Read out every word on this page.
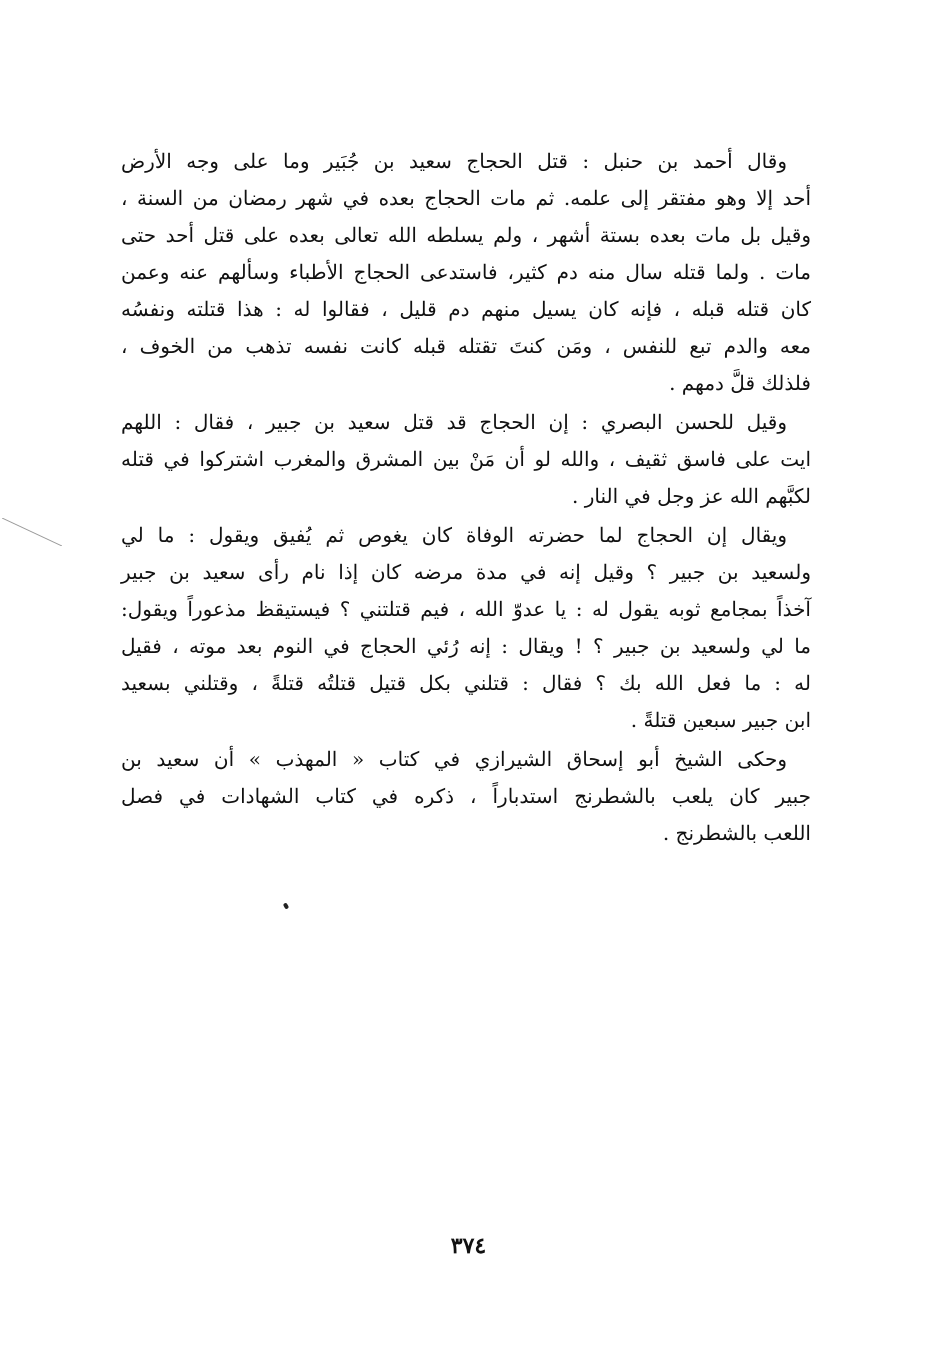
وقال أحمد بن حنبل : قتل الحجاج سعيد بن جُبَير وما على وجه الأرض
أحد إلا وهو مفتقر إلى علمه. ثم مات الحجاج بعده في شهر رمضان من السنة ،
وقيل بل مات بعده بستة أشهر ، ولم يسلطه الله تعالى بعده على قتل أحد حتى
مات . ولما قتله سال منه دم كثير، فاستدعى الحجاج الأطباء وسألهم عنه وعمن
كان قتله قبله ، فإنه كان يسيل منهم دم قليل ، فقالوا له : هذا قتلته ونفسُه
معه والدم تبع للنفس ، ومَن كنتَ تقتله قبله كانت نفسه تذهب من الخوف ،
فلذلك قلَّ دمهم .

وقيل للحسن البصري : إن الحجاج قد قتل سعيد بن جبير ، فقال : اللهم
ايت على فاسق ثقيف ، والله لو أن مَنْ بين المشرق والمغرب اشتركوا في قتله
لكبَّهم الله عز وجل في النار .

ويقال إن الحجاج لما حضرته الوفاة كان يغوص ثم يُفيق ويقول : ما لي
ولسعيد بن جبير ؟ وقيل إنه في مدة مرضه كان إذا نام رأى سعيد بن جبير
آخذاً بمجامع ثوبه يقول له : يا عدوّ الله ، فيم قتلتني ؟ فيستيقظ مذعوراً ويقول:
ما لي ولسعيد بن جبير ؟ ! ويقال : إنه رُئي الحجاج في النوم بعد موته ، فقيل
له : ما فعل الله بك ؟ فقال : قتلني بكل قتيل قتلتُه قتلةً ، وقتلني بسعيد
ابن جبير سبعين قتلةً .

وحكى الشيخ أبو إسحاق الشيرازي في كتاب « المهذب » أن سعيد بن
جبير كان يلعب بالشطرنج استدباراً ، ذكره في كتاب الشهادات في فصل
اللعب بالشطرنج .

٣٧٤
